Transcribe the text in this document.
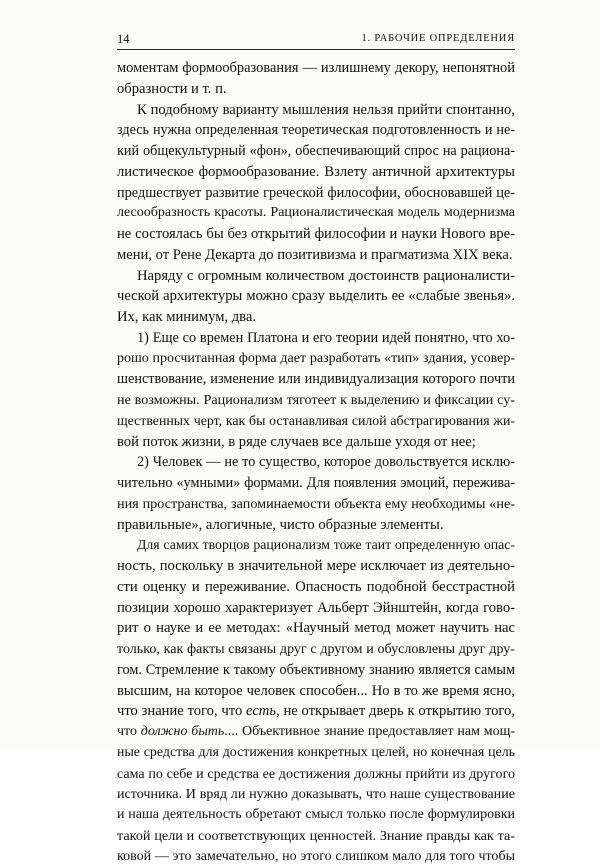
14	1. РАБОЧИЕ ОПРЕДЕЛЕНИЯ
моментам формообразования — излишнему декору, непонятной
образности и т. п.
К подобному варианту мышления нельзя прийти спонтанно,
здесь нужна определенная теоретическая подготовленность и не-
кий общекультурный «фон», обеспечивающий спрос на рациона-
листическое формообразование. Взлету античной архитектуры
предшествует развитие греческой философии, обосновавшей це-
лесообразность красоты. Рационалистическая модель модернизма
не состоялась бы без открытий философии и науки Нового вре-
мени, от Рене Декарта до позитивизма и прагматизма XIX века.
Наряду с огромным количеством достоинств рационалисти-
ческой архитектуры можно сразу выделить ее «слабые звенья».
Их, как минимум, два.
1) Еще со времен Платона и его теории идей понятно, что хо-
рошо просчитанная форма дает разработать «тип» здания, усовер-
шенствование, изменение или индивидуализация которого почти
не возможны. Рационализм тяготеет к выделению и фиксации су-
щественных черт, как бы останавливая силой абстрагирования жи-
вой поток жизни, в ряде случаев все дальше уходя от нее;
2) Человек — не то существо, которое довольствуется исклю-
чительно «умными» формами. Для появления эмоций, пережива-
ния пространства, запоминаемости объекта ему необходимы «не-
правильные», алогичные, чисто образные элементы.
Для самих творцов рационализм тоже таит определенную опас-
ность, поскольку в значительной мере исключает из деятельно-
сти оценку и переживание. Опасность подобной бесстрастной
позиции хорошо характеризует Альберт Эйнштейн, когда гово-
рит о науке и ее методах: «Научный метод может научить нас
только, как факты связаны друг с другом и обусловлены друг дру-
гом. Стремление к такому объективному знанию является самым
высшим, на которое человек способен... Но в то же время ясно,
что знание того, что есть, не открывает дверь к открытию того,
что должно быть.... Объективное знание предоставляет нам мощ-
ные средства для достижения конкретных целей, но конечная цель
сама по себе и средства ее достижения должны прийти из другого
источника. И вряд ли нужно доказывать, что наше существование
и наша деятельность обретают смысл только после формулировки
такой цели и соответствующих ценностей. Знание правды как та-
ковой — это замечательно, но этого слишком мало для того чтобы
